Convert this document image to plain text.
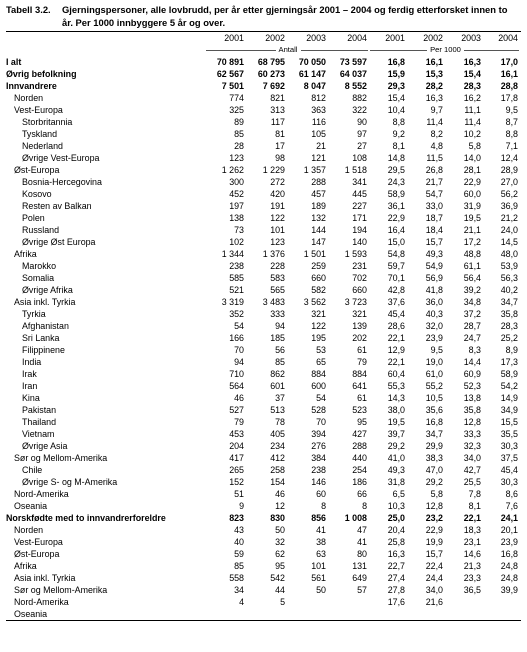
Tabell 3.2. Gjerningspersoner, alle lovbrudd, per år etter gjerningsår 2001 – 2004 og ferdig etterforsket innen to år. Per 1000 innbyggere 5 år og over.
	2001	2002	2003	2004	2001	2002	2003	2004

Antall				Per 1000			
I alt	70 891	68 795	70 050	73 597	16,8	16,1	16,3	17,0
Øvrig befolkning	62 567	60 273	61 147	64 037	15,9	15,3	15,4	16,1
Innvandrere	7 501	7 692	8 047	8 552	29,3	28,2	28,3	28,8
Norden	774	821	812	882	15,4	16,3	16,2	17,8
Vest-Europa	325	313	363	322	10,4	9,7	11,1	9,5
Storbritannia	89	117	116	90	8,8	11,4	11,4	8,7
Tyskland	85	81	105	97	9,2	8,2	10,2	8,8
Nederland	28	17	21	27	8,1	4,8	5,8	7,1
Øvrige Vest-Europa	123	98	121	108	14,8	11,5	14,0	12,4
Øst-Europa	1 262	1 229	1 357	1 518	29,5	26,8	28,1	28,9
Bosnia-Hercegovina	300	272	288	341	24,3	21,7	22,9	27,0
Kosovo	452	420	457	445	58,9	54,7	60,0	56,2
Resten av Balkan	197	191	189	227	36,1	33,0	31,9	36,9
Polen	138	122	132	171	22,9	18,7	19,5	21,2
Russland	73	101	144	194	16,4	18,4	21,1	24,0
Øvrige Øst Europa	102	123	147	140	15,0	15,7	17,2	14,5
Afrika	1 344	1 376	1 501	1 593	54,8	49,3	48,8	48,0
Marokko	238	228	259	231	59,7	54,9	61,1	53,9
Somalia	585	583	660	702	70,1	56,9	56,4	56,3
Øvrige Afrika	521	565	582	660	42,8	41,8	39,2	40,2
Asia inkl. Tyrkia	3 319	3 483	3 562	3 723	37,6	36,0	34,8	34,7
Tyrkia	352	333	321	321	45,4	40,3	37,2	35,8
Afghanistan	54	94	122	139	28,6	32,0	28,7	28,3
Sri Lanka	166	185	195	202	22,1	23,9	24,7	25,2
Filippinene	70	56	53	61	12,9	9,5	8,3	8,9
India	94	85	65	79	22,1	19,0	14,4	17,3
Irak	710	862	884	884	60,4	61,0	60,9	58,9
Iran	564	601	600	641	55,3	55,2	52,3	54,2
Kina	46	37	54	61	14,3	10,5	13,8	14,9
Pakistan	527	513	528	523	38,0	35,6	35,8	34,9
Thailand	79	78	70	95	19,5	16,8	12,8	15,5
Vietnam	453	405	394	427	39,7	34,7	33,3	35,5
Øvrige Asia	204	234	276	288	29,2	29,9	32,3	30,3
Sør og Mellom-Amerika	417	412	384	440	41,0	38,3	34,0	37,5
Chile	265	258	238	254	49,3	47,0	42,7	45,4
Øvrige S- og M-Amerika	152	154	146	186	31,8	29,2	25,5	30,3
Nord-Amerika	51	46	60	66	6,5	5,8	7,8	8,6
Oseania	9	12	8	8	10,3	12,8	8,1	7,6
Norskfødte med to innvandrerforeldre	823	830	856	1 008	25,0	23,2	22,1	24,1
Norden	43	50	41	47	20,4	22,9	18,3	20,1
Vest-Europa	40	32	38	41	25,8	19,9	23,1	23,9
Øst-Europa	59	62	63	80	16,3	15,7	14,6	16,8
Afrika	85	95	101	131	22,7	22,4	21,3	24,8
Asia inkl. Tyrkia	558	542	561	649	27,4	24,4	23,3	24,8
Sør og Mellom-Amerika	34	44	50	57	27,8	34,0	36,5	39,9
Nord-Amerika	4	5			17,6	21,6		
Oseania								
